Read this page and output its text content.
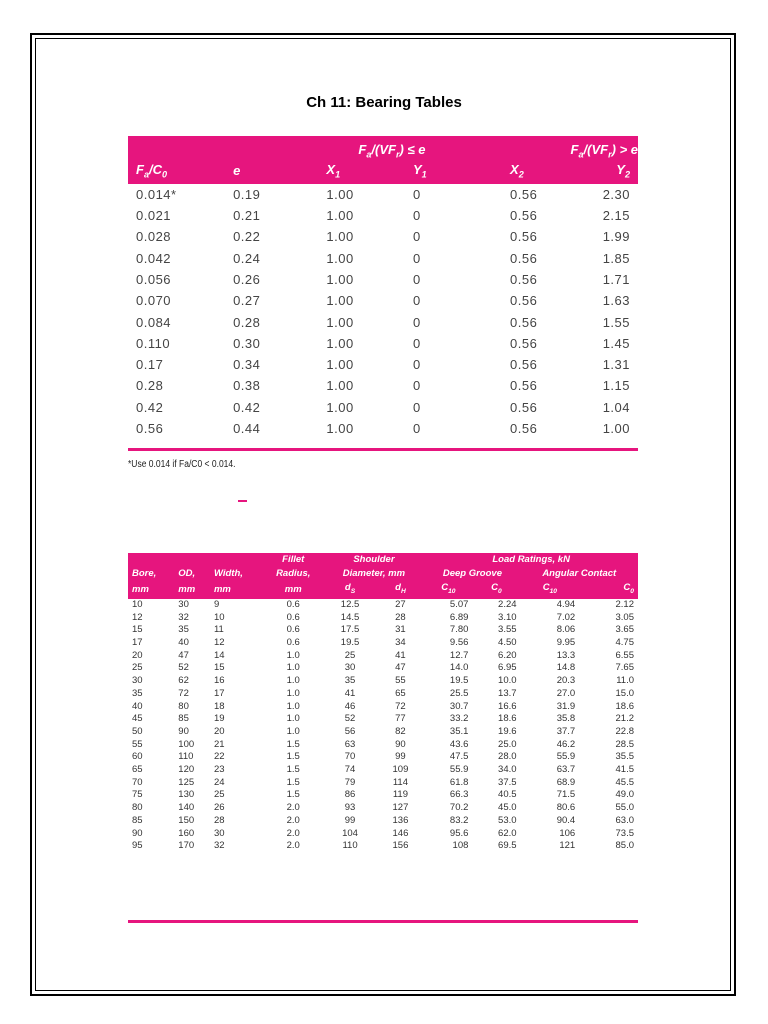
Ch 11: Bearing Tables
		$F_a/(VF_r) \le e$		$F_a/(VF_r) > e$	
$F_a/C_0$	e	$X_1$	$Y_1$	$X_2$	$Y_2$
0.014*	0.19	1.00	0	0.56	2.30
0.021	0.21	1.00	0	0.56	2.15
0.028	0.22	1.00	0	0.56	1.99
0.042	0.24	1.00	0	0.56	1.85
0.056	0.26	1.00	0	0.56	1.71
0.070	0.27	1.00	0	0.56	1.63
0.084	0.28	1.00	0	0.56	1.55
0.110	0.30	1.00	0	0.56	1.45
0.17	0.34	1.00	0	0.56	1.31
0.28	0.38	1.00	0	0.56	1.15
0.42	0.42	1.00	0	0.56	1.04
0.56	0.44	1.00	0	0.56	1.00
*Use 0.014 if Fa/C0 < 0.014.
			Fillet	Shoulder		Load Ratings, kN			
Bore,	OD,	Width,	Radius,	Diameter, mm		Deep Groove		Angular Contact	
mm	mm	mm	mm	$d_S$	$d_H$	$C_{10}$	$C_0$	$C_{10}$	$C_0$
10	30	9	0.6	12.5	27	5.07	2.24	4.94	2.12
12	32	10	0.6	14.5	28	6.89	3.10	7.02	3.05
15	35	11	0.6	17.5	31	7.80	3.55	8.06	3.65
17	40	12	0.6	19.5	34	9.56	4.50	9.95	4.75
20	47	14	1.0	25	41	12.7	6.20	13.3	6.55
25	52	15	1.0	30	47	14.0	6.95	14.8	7.65
30	62	16	1.0	35	55	19.5	10.0	20.3	11.0
35	72	17	1.0	41	65	25.5	13.7	27.0	15.0
40	80	18	1.0	46	72	30.7	16.6	31.9	18.6
45	85	19	1.0	52	77	33.2	18.6	35.8	21.2
50	90	20	1.0	56	82	35.1	19.6	37.7	22.8
55	100	21	1.5	63	90	43.6	25.0	46.2	28.5
60	110	22	1.5	70	99	47.5	28.0	55.9	35.5
65	120	23	1.5	74	109	55.9	34.0	63.7	41.5
70	125	24	1.5	79	114	61.8	37.5	68.9	45.5
75	130	25	1.5	86	119	66.3	40.5	71.5	49.0
80	140	26	2.0	93	127	70.2	45.0	80.6	55.0
85	150	28	2.0	99	136	83.2	53.0	90.4	63.0
90	160	30	2.0	104	146	95.6	62.0	106	73.5
95	170	32	2.0	110	156	108	69.5	121	85.0
